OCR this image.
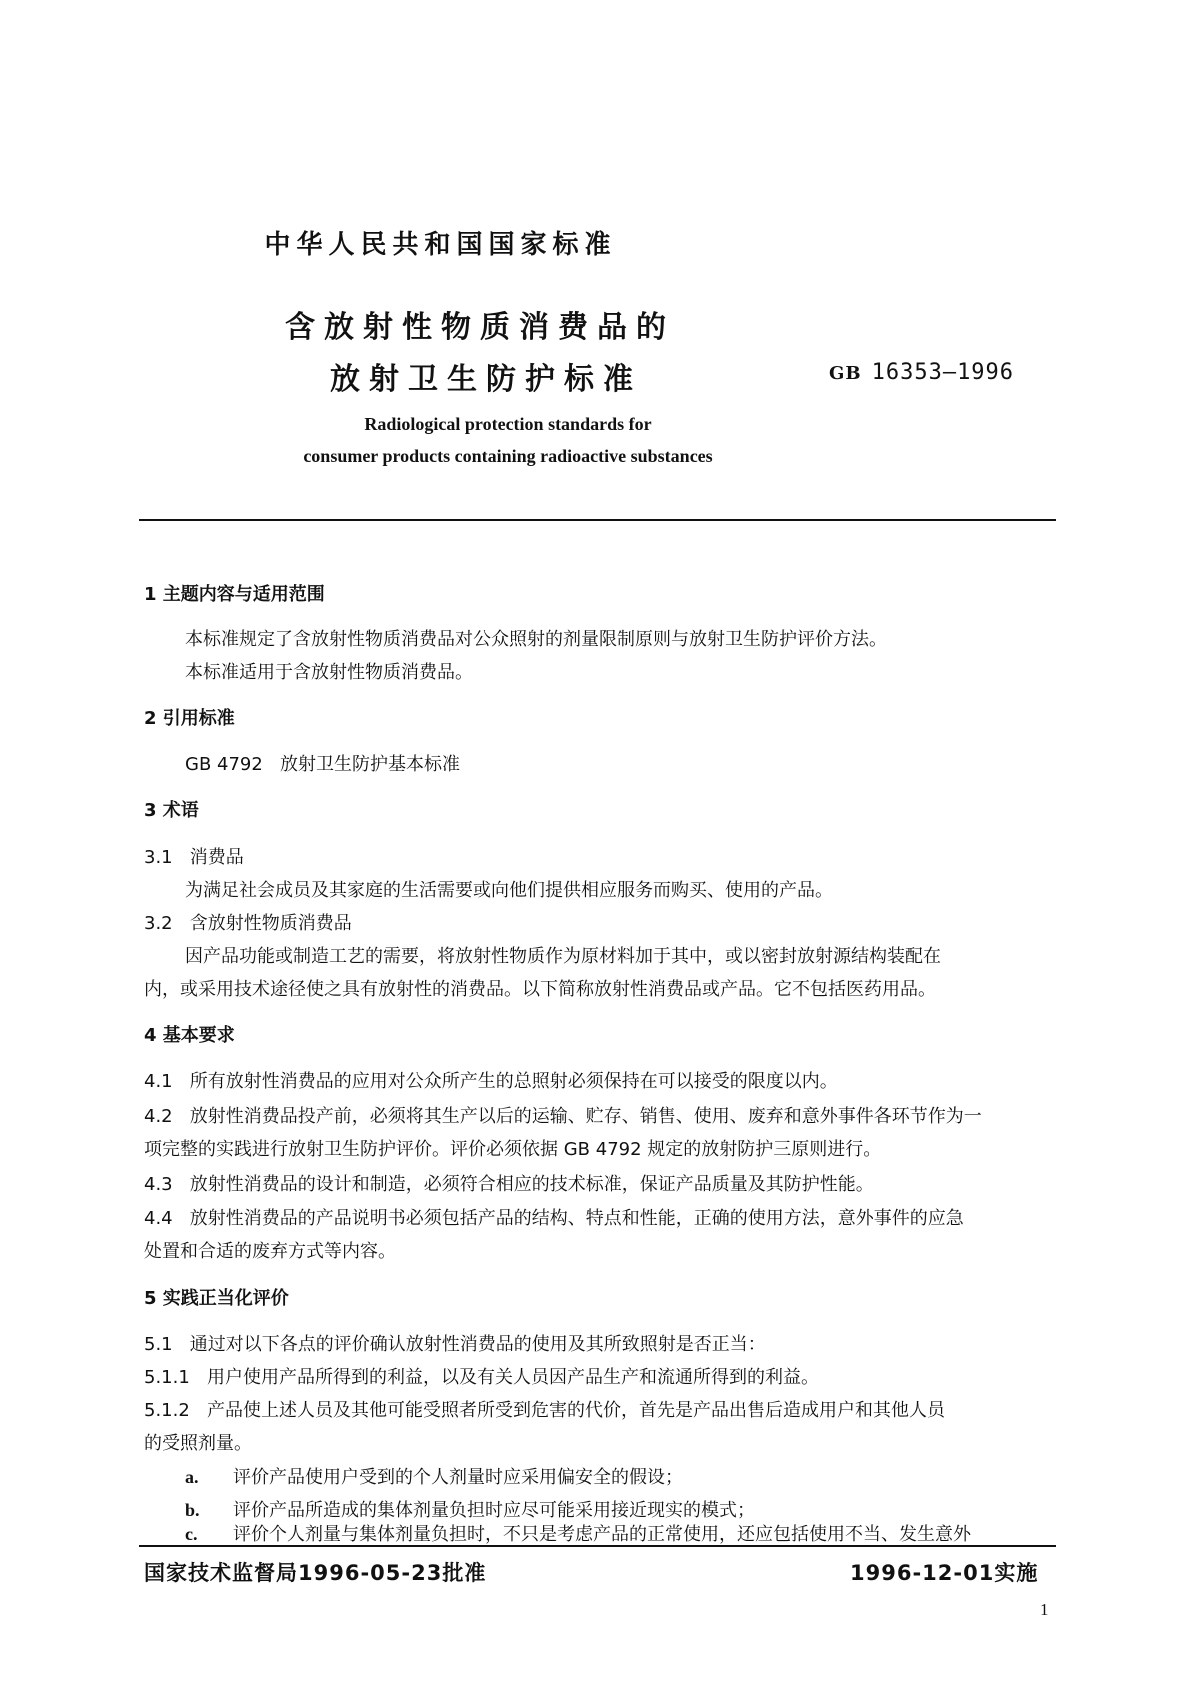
中华人民共和国国家标准
含放射性物质消费品的
放射卫生防护标准	GB 16353—1996
Radiological protection standards for
consumer products containing radioactive substances
1 主题内容与适用范围
本标准规定了含放射性物质消费品对公众照射的剂量限制原则与放射卫生防护评价方法。
本标准适用于含放射性物质消费品。
2 引用标准
GB 4792   放射卫生防护基本标准
3 术语
3.1   消费品
为满足社会成员及其家庭的生活需要或向他们提供相应服务而购买、使用的产品。
3.2   含放射性物质消费品
因产品功能或制造工艺的需要，将放射性物质作为原材料加于其中，或以密封放射源结构装配在
内，或采用技术途径使之具有放射性的消费品。以下简称放射性消费品或产品。它不包括医药用品。
4 基本要求
4.1   所有放射性消费品的应用对公众所产生的总照射必须保持在可以接受的限度以内。
4.2   放射性消费品投产前，必须将其生产以后的运输、贮存、销售、使用、废弃和意外事件各环节作为一
项完整的实践进行放射卫生防护评价。评价必须依据 GB 4792 规定的放射防护三原则进行。
4.3   放射性消费品的设计和制造，必须符合相应的技术标准，保证产品质量及其防护性能。
4.4   放射性消费品的产品说明书必须包括产品的结构、特点和性能，正确的使用方法，意外事件的应急
处置和合适的废弃方式等内容。
5 实践正当化评价
5.1   通过对以下各点的评价确认放射性消费品的使用及其所致照射是否正当：
5.1.1   用户使用产品所得到的利益，以及有关人员因产品生产和流通所得到的利益。
5.1.2   产品使上述人员及其他可能受照者所受到危害的代价，首先是产品出售后造成用户和其他人员
的受照剂量。
a. 评价产品使用户受到的个人剂量时应采用偏安全的假设；
b. 评价产品所造成的集体剂量负担时应尽可能采用接近现实的模式；
c. 评价个人剂量与集体剂量负担时，不只是考虑产品的正常使用，还应包括使用不当、发生意外
国家技术监督局1996-05-23批准	1996-12-01实施
1
